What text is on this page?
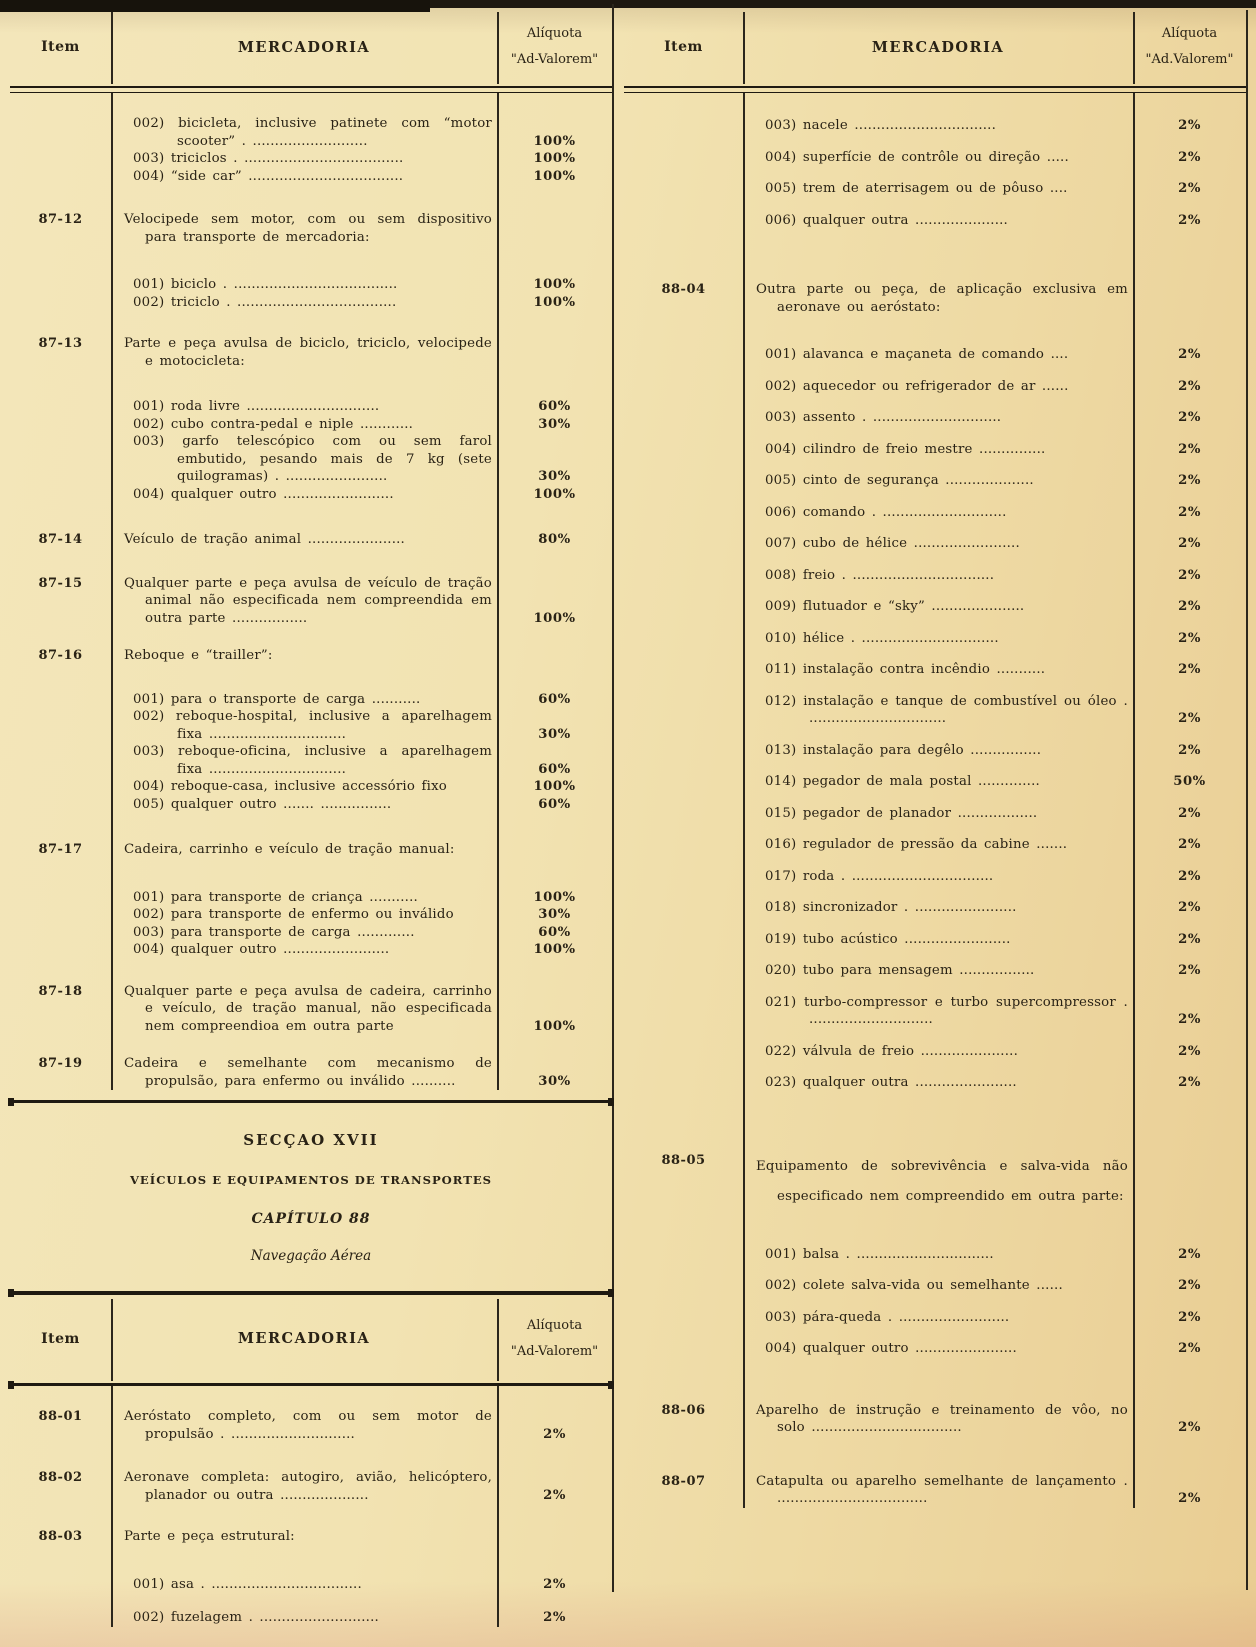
Item	MERCADORIA
Alíquota
"Ad-Valorem"
002) bicicleta, inclusive patinete com “motor scooter” . ..........................	100%
003) triciclos . ....................................	100%
004) “side car” ...................................	100%
87-12	Velocipede sem motor, com ou sem dispositivo para transporte de mercadoria:
001) biciclo . .....................................	100%
002) triciclo . ....................................	100%
87-13	Parte e peça avulsa de biciclo, triciclo, velocipede e motocicleta:
001) roda livre ..............................	60%
002) cubo contra-pedal e niple ............	30%
003) garfo telescópico com ou sem farol embutido, pesando mais de 7 kg (sete quilogramas) . .......................	30%
004) qualquer outro .........................	100%
87-14	Veículo de tração animal ......................	80%
87-15	Qualquer parte e peça avulsa de veículo de tração animal não especificada nem compreendida em outra parte .................	100%
87-16	Reboque e “trailler”:
001) para o transporte de carga ...........	60%
002) reboque-hospital, inclusive a aparelhagem fixa ...............................	30%
003) reboque-oficina, inclusive a aparelhagem fixa ...............................	60%
004) reboque-casa, inclusive accessório fixo	100%
005) qualquer outro ....... ................	60%
87-17	Cadeira, carrinho e veículo de tração manual:
001) para transporte de criança ...........	100%
002) para transporte de enfermo ou inválido	30%
003) para transporte de carga .............	60%
004) qualquer outro ........................	100%
87-18	Qualquer parte e peça avulsa de cadeira, carrinho e veículo, de tração manual, não especificada nem compreendioa em outra parte	100%
87-19	Cadeira e semelhante com mecanismo de propulsão, para enfermo ou inválido ..........	30%
SECÇAO XVII
VEÍCULOS E EQUIPAMENTOS DE TRANSPORTES
CAPÍTULO 88
Navegação Aérea
Item	MERCADORIA
Alíquota
"Ad-Valorem"
88-01	Aeróstato completo, com ou sem motor de propulsão . ............................	2%
88-02	Aeronave completa: autogiro, avião, helicóptero, planador ou outra ....................	2%
88-03	Parte e peça estrutural:
001) asa . ..................................	2%
002) fuzelagem . ...........................	2%
Item	MERCADORIA
Alíquota
"Ad.Valorem"
003) nacele ................................	2%
004) superfície de contrôle ou direção .....	2%
005) trem de aterrisagem ou de pôuso ....	2%
006) qualquer outra .....................	2%
88-04	Outra parte ou peça, de aplicação exclusiva em aeronave ou aeróstato:
001) alavanca e maçaneta de comando ....	2%
002) aquecedor ou refrigerador de ar ......	2%
003) assento . .............................	2%
004) cilindro de freio mestre ...............	2%
005) cinto de segurança ....................	2%
006) comando . ............................	2%
007) cubo de hélice ........................	2%
008) freio . ................................	2%
009) flutuador e “sky” .....................	2%
010) hélice . ...............................	2%
011) instalação contra incêndio ...........	2%
012) instalação e tanque de combustível ou óleo . ...............................	2%
013) instalação para degêlo ................	2%
014) pegador de mala postal ..............	50%
015) pegador de planador ..................	2%
016) regulador de pressão da cabine .......	2%
017) roda . ................................	2%
018) sincronizador . .......................	2%
019) tubo acústico ........................	2%
020) tubo para mensagem .................	2%
021) turbo-compressor e turbo supercompressor . ............................	2%
022) válvula de freio ......................	2%
023) qualquer outra .......................	2%
88-05	Equipamento de sobrevivência e salva-vida não especificado nem compreendido em outra parte:
001) balsa . ...............................	2%
002) colete salva-vida ou semelhante ......	2%
003) pára-queda . .........................	2%
004) qualquer outro .......................	2%
88-06	Aparelho de instrução e treinamento de vôo, no solo ..................................	2%
88-07	Catapulta ou aparelho semelhante de lançamento . ..................................	2%
